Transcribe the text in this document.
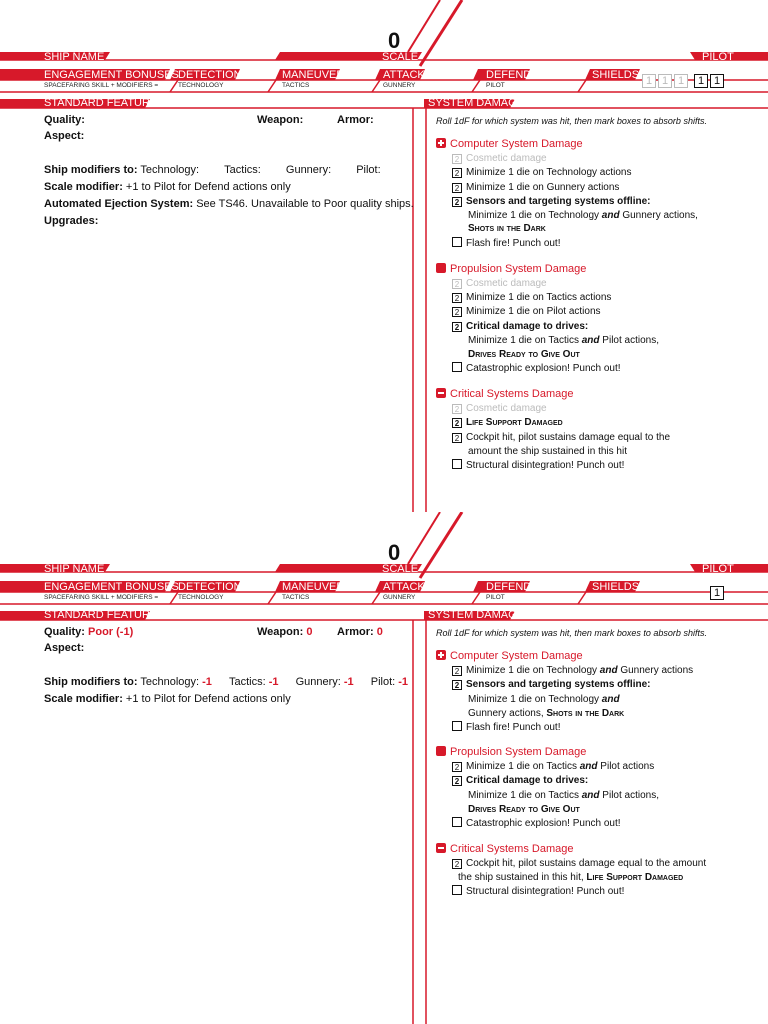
0
SHIP NAME	SCALE	PILOT
ENGAGEMENT BONUSES
SPACEFARING SKILL + MODIFIERS =
DETECTION
TECHNOLOGY
MANEUVER
TACTICS
ATTACK
GUNNERY
DEFEND
PILOT
SHIELDS 1 1 1	1 1
STANDARD FEATURES	SYSTEM DAMAGE
Quality:	Weapon:	Armor:
Aspect:
Ship modifiers to: Technology: Tactics: Gunnery: Pilot:
Scale modifier: +1 to Pilot for Defend actions only
Automated Ejection System: See TS46. Unavailable to Poor quality ships.
Upgrades:
Roll 1dF for which system was hit, then mark boxes to absorb shifts.
Computer System Damage
2 Cosmetic damage
2 Minimize 1 die on Technology actions
2 Minimize 1 die on Gunnery actions
2 Sensors and targeting systems offline:
Minimize 1 die on Technology and Gunnery actions,
Shots in the Dark
Flash fire! Punch out!
Propulsion System Damage
2 Cosmetic damage
2 Minimize 1 die on Tactics actions
2 Minimize 1 die on Pilot actions
2 Critical damage to drives:
Minimize 1 die on Tactics and Pilot actions,
Drives Ready to Give Out
Catastrophic explosion! Punch out!
Critical Systems Damage
2 Cosmetic damage
2 Life Support Damaged
2 Cockpit hit, pilot sustains damage equal to the
amount the ship sustained in this hit
Structural disintegration! Punch out!
0
SHIP NAME	SCALE	PILOT
ENGAGEMENT BONUSES
SPACEFARING SKILL + MODIFIERS =
DETECTION
TECHNOLOGY
MANEUVER
TACTICS
ATTACK
GUNNERY
DEFEND
PILOT
SHIELDS	1
STANDARD FEATURES	SYSTEM DAMAGE
Quality: Poor (-1)	Weapon: 0 Armor: 0
Aspect:
Ship modifiers to: Technology: -1 Tactics: -1 Gunnery: -1 Pilot: -1
Scale modifier: +1 to Pilot for Defend actions only
Roll 1dF for which system was hit, then mark boxes to absorb shifts.
Computer System Damage
2 Minimize 1 die on Technology and Gunnery actions
2 Sensors and targeting systems offline:
Minimize 1 die on Technology and
Gunnery actions, Shots in the Dark
Flash fire! Punch out!
Propulsion System Damage
2 Minimize 1 die on Tactics and Pilot actions
2 Critical damage to drives:
Minimize 1 die on Tactics and Pilot actions,
Drives Ready to Give Out
Catastrophic explosion! Punch out!
Critical Systems Damage
2 Cockpit hit, pilot sustains damage equal to the amount
the ship sustained in this hit, Life Support Damaged
Structural disintegration! Punch out!
